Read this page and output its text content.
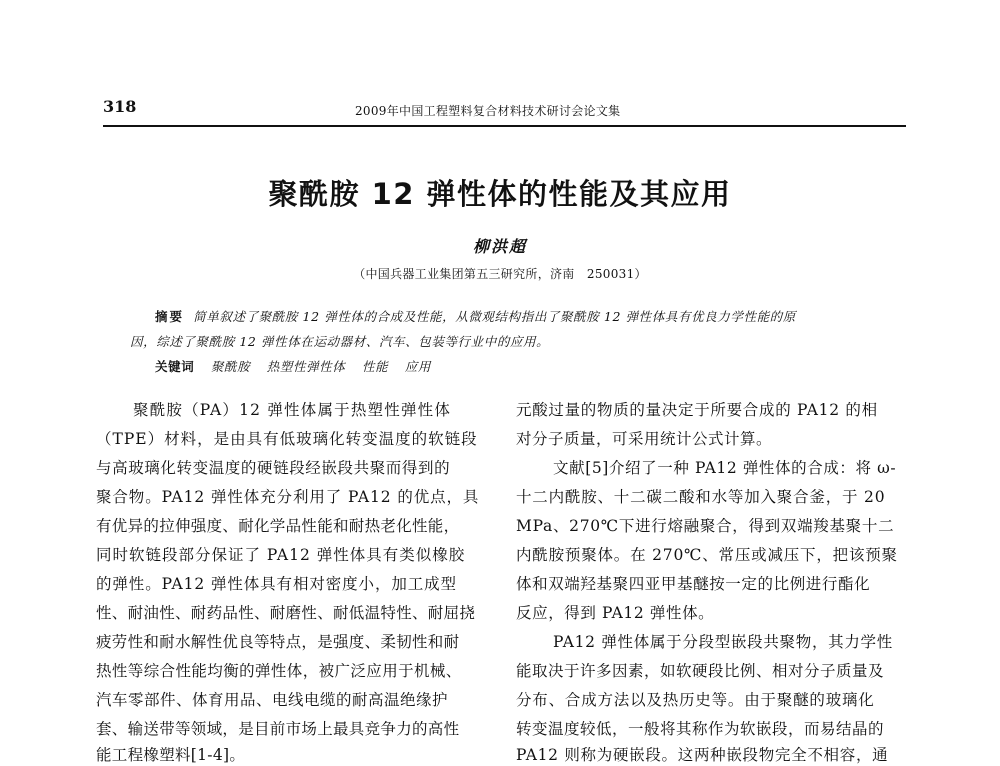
318	2009年中国工程塑料复合材料技术研讨会论文集
聚酰胺 12 弹性体的性能及其应用
柳洪超
（中国兵器工业集团第五三研究所，济南　250031）
摘要 简单叙述了聚酰胺 12 弹性体的合成及性能，从微观结构指出了聚酰胺 12 弹性体具有优良力学性能的原
因，综述了聚酰胺 12 弹性体在运动器材、汽车、包装等行业中的应用。
关键词 聚酰胺 热塑性弹性体 性能 应用
聚酰胺（PA）12 弹性体属于热塑性弹性体
（TPE）材料，是由具有低玻璃化转变温度的软链段
与高玻璃化转变温度的硬链段经嵌段共聚而得到的
聚合物。PA12 弹性体充分利用了 PA12 的优点，具
有优异的拉伸强度、耐化学品性能和耐热老化性能，
同时软链段部分保证了 PA12 弹性体具有类似橡胶
的弹性。PA12 弹性体具有相对密度小，加工成型
性、耐油性、耐药品性、耐磨性、耐低温特性、耐屈挠
疲劳性和耐水解性优良等特点，是强度、柔韧性和耐
热性等综合性能均衡的弹性体，被广泛应用于机械、
汽车零部件、体育用品、电线电缆的耐高温绝缘护
套、输送带等领域，是目前市场上最具竞争力的高性
能工程橡塑料[1-4]。
元酸过量的物质的量决定于所要合成的 PA12 的相
对分子质量，可采用统计公式计算。
文献[5]介绍了一种 PA12 弹性体的合成：将 ω-
十二内酰胺、十二碳二酸和水等加入聚合釜，于 20
MPa、270℃下进行熔融聚合，得到双端羧基聚十二
内酰胺预聚体。在 270℃、常压或减压下，把该预聚
体和双端羟基聚四亚甲基醚按一定的比例进行酯化
反应，得到 PA12 弹性体。
PA12 弹性体属于分段型嵌段共聚物，其力学性
能取决于许多因素，如软硬段比例、相对分子质量及
分布、合成方法以及热历史等。由于聚醚的玻璃化
转变温度较低，一般将其称作为软嵌段，而易结晶的
PA12 则称为硬嵌段。这两种嵌段物完全不相容，通
